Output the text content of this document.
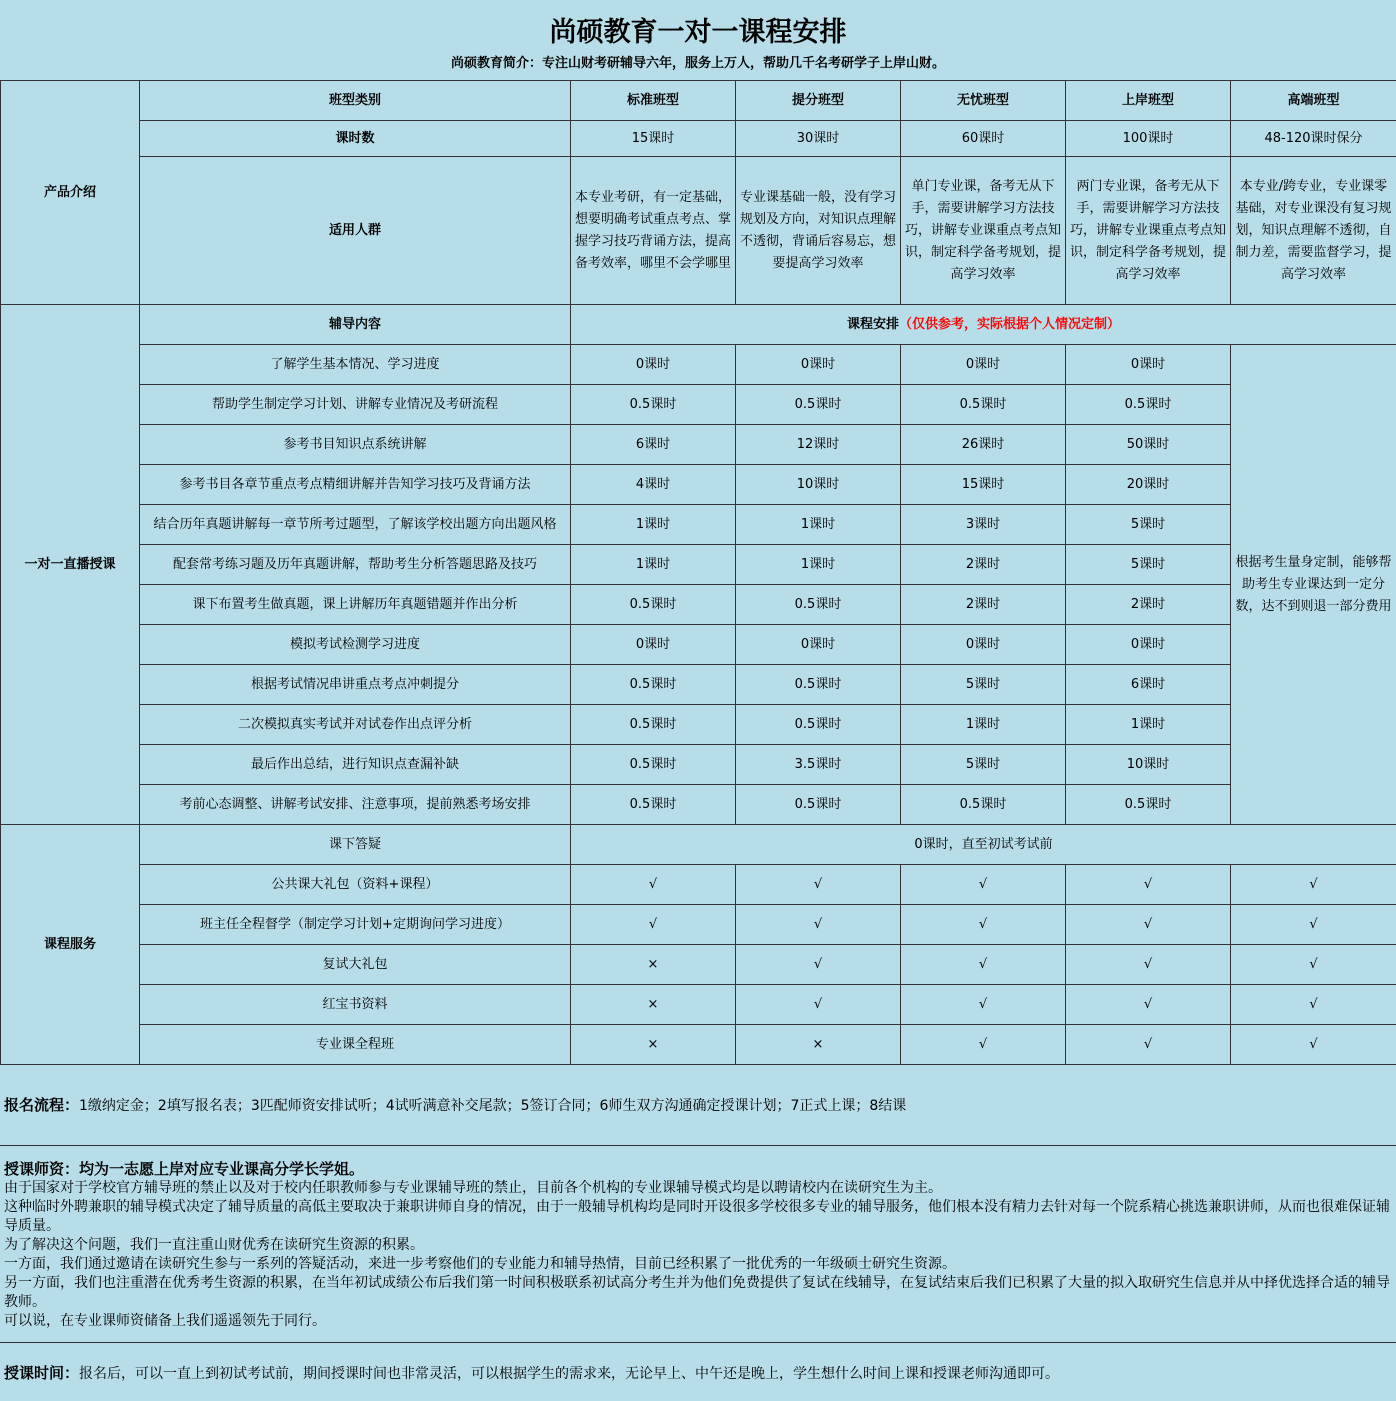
尚硕教育一对一课程安排
尚硕教育简介：专注山财考研辅导六年，服务上万人，帮助几千名考研学子上岸山财。
产品介绍	班型类别	标准班型	提分班型	无忧班型	上岸班型	高端班型
	课时数	15课时	30课时	60课时	100课时	48-120课时保分
	适用人群	本专业考研，有一定基础，想要明确考试重点考点、掌握学习技巧背诵方法，提高备考效率，哪里不会学哪里	专业课基础一般，没有学习规划及方向，对知识点理解不透彻，背诵后容易忘，想要提高学习效率	单门专业课，备考无从下手，需要讲解学习方法技巧，讲解专业课重点考点知识，制定科学备考规划，提高学习效率	两门专业课，备考无从下手，需要讲解学习方法技巧，讲解专业课重点考点知识，制定科学备考规划，提高学习效率	本专业/跨专业，专业课零基础，对专业课没有复习规划，知识点理解不透彻，自制力差，需要监督学习，提高学习效率
一对一直播授课	辅导内容	课程安排（仅供参考，实际根据个人情况定制）				
	了解学生基本情况、学习进度	0课时	0课时	0课时	0课时	根据考生量身定制，能够帮助考生专业课达到一定分数，达不到则退一部分费用
	帮助学生制定学习计划、讲解专业情况及考研流程	0.5课时	0.5课时	0.5课时	0.5课时	
	参考书目知识点系统讲解	6课时	12课时	26课时	50课时	
	参考书目各章节重点考点精细讲解并告知学习技巧及背诵方法	4课时	10课时	15课时	20课时	
	结合历年真题讲解每一章节所考过题型，了解该学校出题方向出题风格	1课时	1课时	3课时	5课时	
	配套常考练习题及历年真题讲解，帮助考生分析答题思路及技巧	1课时	1课时	2课时	5课时	
	课下布置考生做真题，课上讲解历年真题错题并作出分析	0.5课时	0.5课时	2课时	2课时	
	模拟考试检测学习进度	0课时	0课时	0课时	0课时	
	根据考试情况串讲重点考点冲刺提分	0.5课时	0.5课时	5课时	6课时	
	二次模拟真实考试并对试卷作出点评分析	0.5课时	0.5课时	1课时	1课时	
	最后作出总结，进行知识点查漏补缺	0.5课时	3.5课时	5课时	10课时	
	考前心态调整、讲解考试安排、注意事项，提前熟悉考场安排	0.5课时	0.5课时	0.5课时	0.5课时	
课程服务	课下答疑	0课时，直至初试考试前				
	公共课大礼包（资料+课程）	√	√	√	√	√
	班主任全程督学（制定学习计划+定期询问学习进度）	√	√	√	√	√
	复试大礼包	×	√	√	√	√
	红宝书资料	×	√	√	√	√
	专业课全程班	×	×	√	√	√
报名流程：1缴纳定金；2填写报名表；3匹配师资安排试听；4试听满意补交尾款；5签订合同；6师生双方沟通确定授课计划；7正式上课；8结课
授课师资：均为一志愿上岸对应专业课高分学长学姐。
由于国家对于学校官方辅导班的禁止以及对于校内任职教师参与专业课辅导班的禁止，目前各个机构的专业课辅导模式均是以聘请校内在读研究生为主。
这种临时外聘兼职的辅导模式决定了辅导质量的高低主要取决于兼职讲师自身的情况，由于一般辅导机构均是同时开设很多学校很多专业的辅导服务，他们根本没有精力去针对每一个院系精心挑选兼职讲师，从而也很难保证辅导质量。
为了解决这个问题，我们一直注重山财优秀在读研究生资源的积累。
一方面，我们通过邀请在读研究生参与一系列的答疑活动，来进一步考察他们的专业能力和辅导热情，目前已经积累了一批优秀的一年级硕士研究生资源。
另一方面，我们也注重潜在优秀考生资源的积累，在当年初试成绩公布后我们第一时间积极联系初试高分考生并为他们免费提供了复试在线辅导，在复试结束后我们已积累了大量的拟入取研究生信息并从中择优选择合适的辅导教师。
可以说，在专业课师资储备上我们遥遥领先于同行。
授课时间：报名后，可以一直上到初试考试前，期间授课时间也非常灵活，可以根据学生的需求来，无论早上、中午还是晚上，学生想什么时间上课和授课老师沟通即可。
